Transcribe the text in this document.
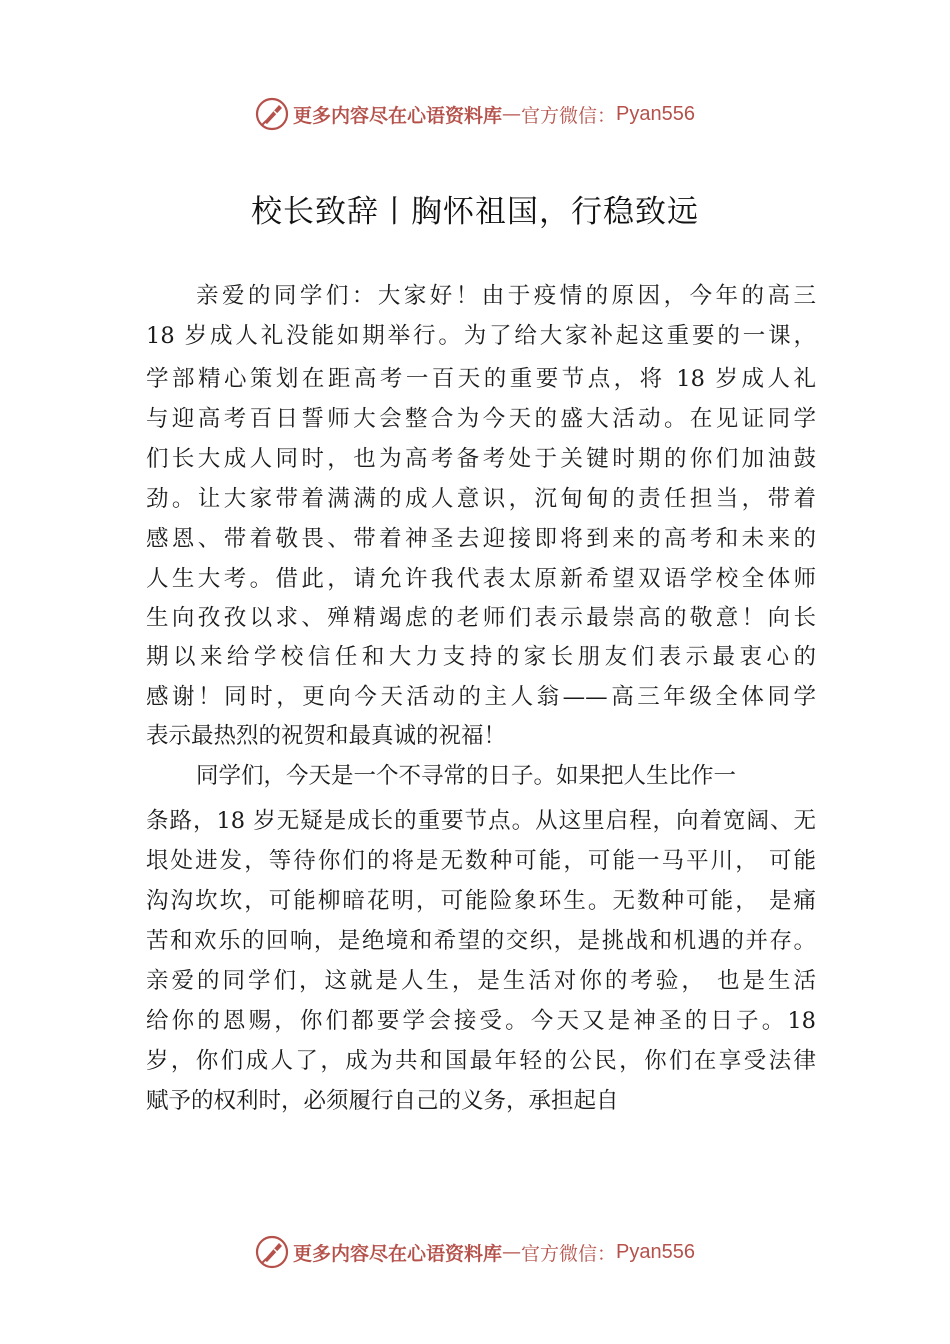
更多内容尽在心语资料库 — 官方微信： Pyan556
校长致辞丨胸怀祖国，行稳致远
亲爱的同学们：大家好！由于疫情的原因，今年的高三
18 岁成人礼没能如期举行。为了给大家补起这重要的一课，
学部精心策划在距高考一百天的重要节点，将 18 岁成人礼
与迎高考百日誓师大会整合为今天的盛大活动。在见证同学
们长大成人同时，也为高考备考处于关键时期的你们加油鼓
劲。让大家带着满满的成人意识，沉甸甸的责任担当，带着
感恩、带着敬畏、带着神圣去迎接即将到来的高考和未来的
人生大考。借此，请允许我代表太原新希望双语学校全体师
生向孜孜以求、殚精竭虑的老师们表示最崇高的敬意！向长
期以来给学校信任和大力支持的家长朋友们表示最衷心的
感谢！同时，更向今天活动的主人翁——高三年级全体同学
表示最热烈的祝贺和最真诚的祝福！
同学们，今天是一个不寻常的日子。如果把人生比作一
条路，18 岁无疑是成长的重要节点。从这里启程，向着宽阔、无
垠处进发，等待你们的将是无数种可能，可能一马平川， 可能
沟沟坎坎，可能柳暗花明，可能险象环生。无数种可能， 是痛
苦和欢乐的回响，是绝境和希望的交织，是挑战和机遇的并存。
亲爱的同学们，这就是人生，是生活对你的考验， 也是生活
给你的恩赐，你们都要学会接受。今天又是神圣的日子。18
岁，你们成人了，成为共和国最年轻的公民，你们在享受法律
赋予的权利时，必须履行自己的义务，承担起自
更多内容尽在心语资料库 — 官方微信： Pyan556
